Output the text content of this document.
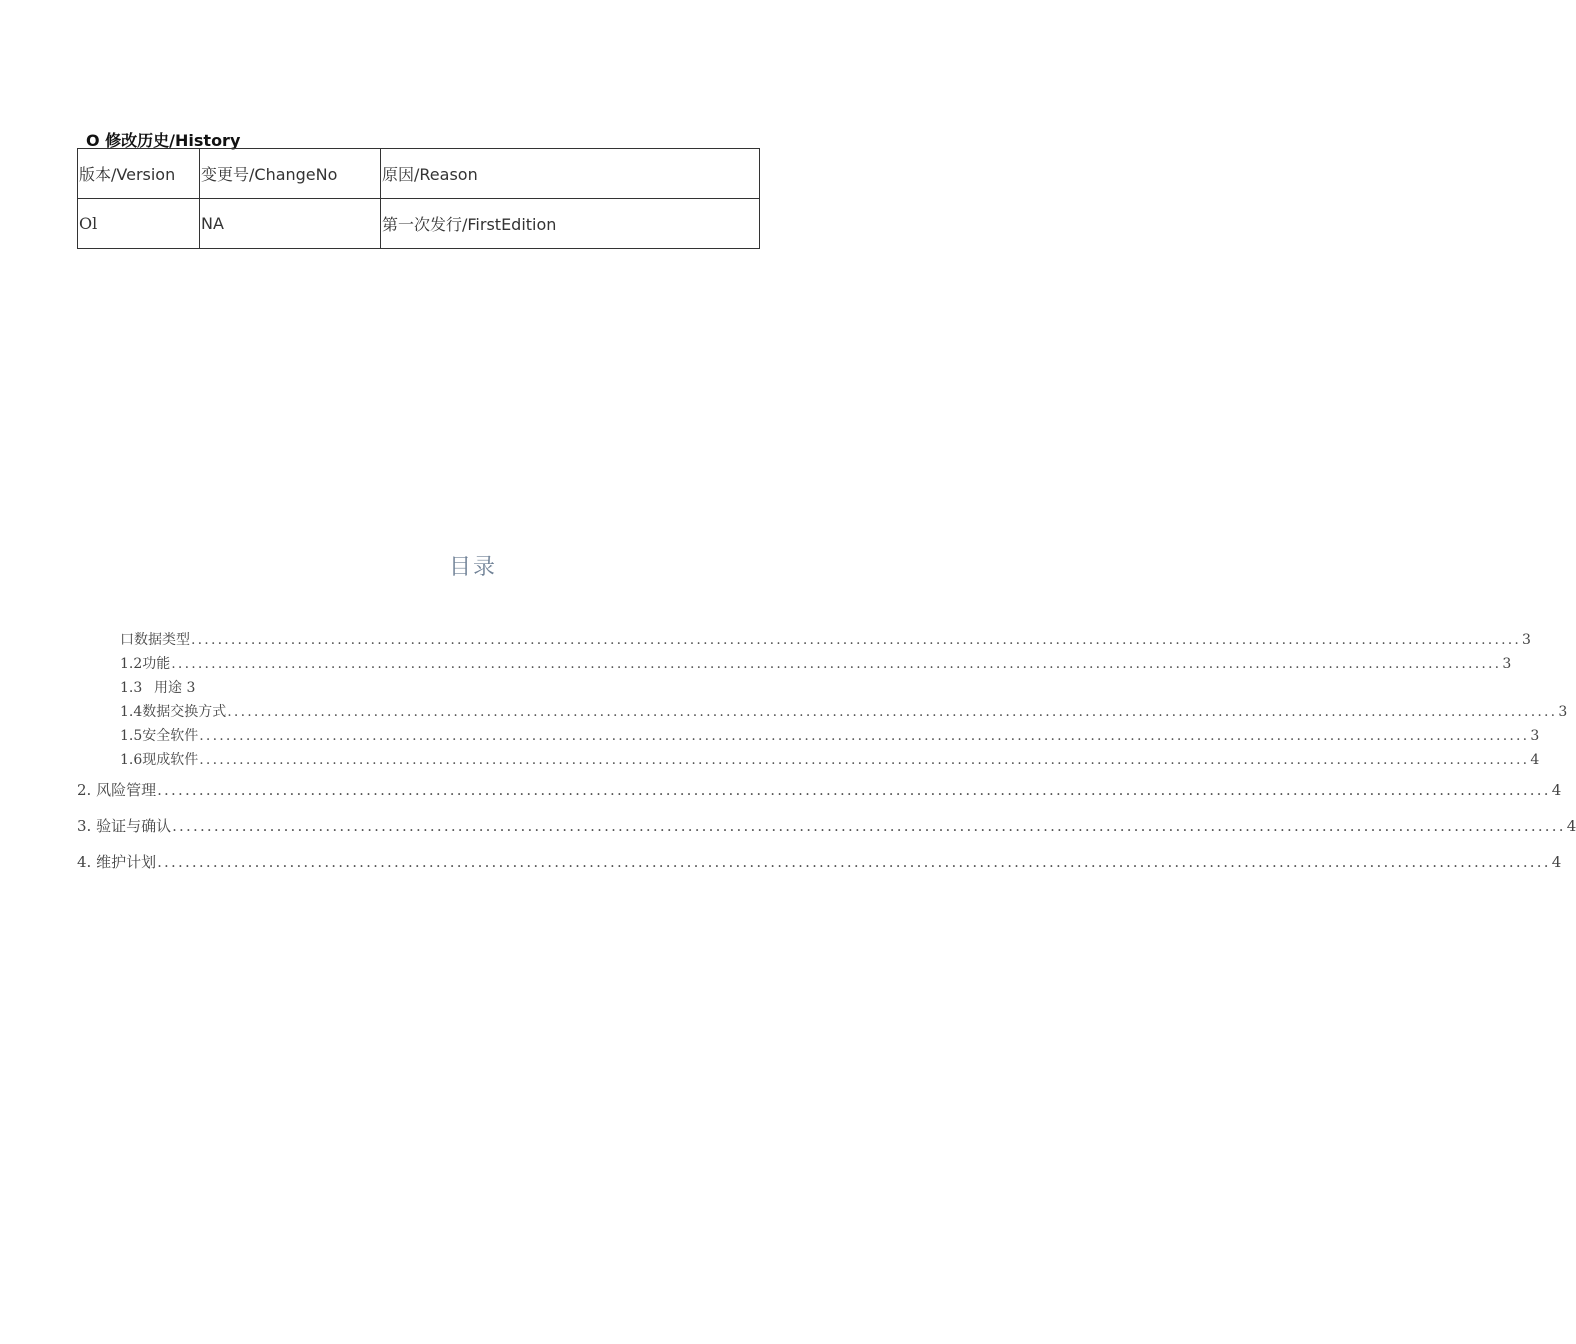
O 修改历史/History
版本/Version	变更号/ChangeNo	原因/Reason
Ol	NA	第一次发行/FirstEdition
目录
口数据类型 ........................................................................................................................................................................................................ 3
1.2 功能 ........................................................................................................................................................................................................ 3
1.3 用途 3
1.4 数据交换方式 ........................................................................................................................................................................................................ 3
1.5 安全软件 ........................................................................................................................................................................................................ 3
1.6 现成软件 ........................................................................................................................................................................................................ 4
2 . 风险管理 ........................................................................................................................................................................................................ 4
3 . 验证与确认 ........................................................................................................................................................................................................ 4
4 . 维护计划 ........................................................................................................................................................................................................ 4
